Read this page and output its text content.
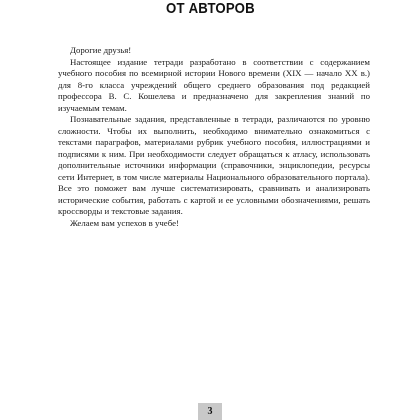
ОТ АВТОРОВ

Дорогие друзья!

Настоящее издание тетради разработано в соответствии с содержанием учебного пособия по всемирной истории Нового времени (XIX — начало XX в.) для 8-го класса учреждений общего среднего образования под редакцией профессора В. С. Кошелева и предназначено для закрепления знаний по изучаемым темам.

Познавательные задания, представленные в тетради, различаются по уровню сложности. Чтобы их выполнить, необходимо внимательно ознакомиться с текстами параграфов, материалами рубрик учебного пособия, иллюстрациями и подписями к ним. При необходимости следует обращаться к атласу, использовать дополнительные источники информации (справочники, энциклопедии, ресурсы сети Интернет, в том числе материалы Национального образовательного портала). Все это поможет вам лучше систематизировать, сравнивать и анализировать исторические события, работать с картой и ее условными обозначениями, решать кроссворды и текстовые задания.

Желаем вам успехов в учебе!

3
